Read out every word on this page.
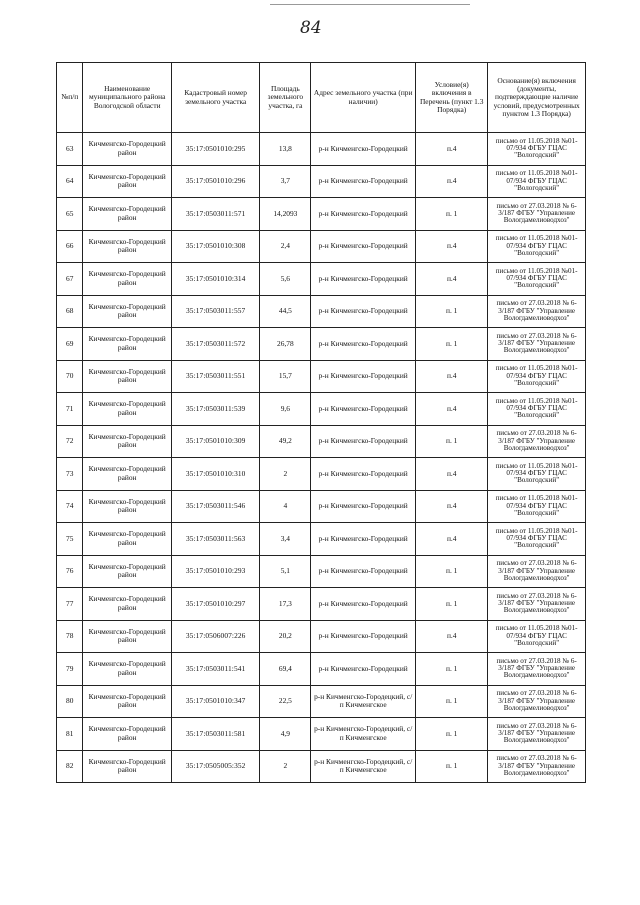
84
№п/п	Наименование муниципального района Вологодской области	Кадастровый номер земельного участка	Площадь земельного участка, га	Адрес земельного участка (при наличии)	Условие(я) включения в Перечень (пункт 1.3 Порядка)	Основание(я) включения (документы, подтверждающие наличие условий, предусмотренных пунктом 1.3 Порядка)
63	Кичменгско-Городецкий район	35:17:0501010:295	13,8	р-н Кичменгско-Городецкий	п.4	письмо от 11.05.2018 №01-07/934 ФГБУ ГЦАС "Вологодский"
64	Кичменгско-Городецкий район	35:17:0501010:296	3,7	р-н Кичменгско-Городецкий	п.4	письмо от 11.05.2018 №01-07/934 ФГБУ ГЦАС "Вологодский"
65	Кичменгско-Городецкий район	35:17:0503011:571	14,2093	р-н Кичменгско-Городецкий	п. 1	письмо от 27.03.2018 № 6-3/187 ФГБУ "Управление Вологдамелиоводхоз"
66	Кичменгско-Городецкий район	35:17:0501010:308	2,4	р-н Кичменгско-Городецкий	п.4	письмо от 11.05.2018 №01-07/934 ФГБУ ГЦАС "Вологодский"
67	Кичменгско-Городецкий район	35:17:0501010:314	5,6	р-н Кичменгско-Городецкий	п.4	письмо от 11.05.2018 №01-07/934 ФГБУ ГЦАС "Вологодский"
68	Кичменгско-Городецкий район	35:17:0503011:557	44,5	р-н Кичменгско-Городецкий	п. 1	письмо от 27.03.2018 № 6-3/187 ФГБУ "Управление Вологдамелиоводхоз"
69	Кичменгско-Городецкий район	35:17:0503011:572	26,78	р-н Кичменгско-Городецкий	п. 1	письмо от 27.03.2018 № 6-3/187 ФГБУ "Управление Вологдамелиоводхоз"
70	Кичменгско-Городецкий район	35:17:0503011:551	15,7	р-н Кичменгско-Городецкий	п.4	письмо от 11.05.2018 №01-07/934 ФГБУ ГЦАС "Вологодский"
71	Кичменгско-Городецкий район	35:17:0503011:539	9,6	р-н Кичменгско-Городецкий	п.4	письмо от 11.05.2018 №01-07/934 ФГБУ ГЦАС "Вологодский"
72	Кичменгско-Городецкий район	35:17:0501010:309	49,2	р-н Кичменгско-Городецкий	п. 1	письмо от 27.03.2018 № 6-3/187 ФГБУ "Управление Вологдамелиоводхоз"
73	Кичменгско-Городецкий район	35:17:0501010:310	2	р-н Кичменгско-Городецкий	п.4	письмо от 11.05.2018 №01-07/934 ФГБУ ГЦАС "Вологодский"
74	Кичменгско-Городецкий район	35:17:0503011:546	4	р-н Кичменгско-Городецкий	п.4	письмо от 11.05.2018 №01-07/934 ФГБУ ГЦАС "Вологодский"
75	Кичменгско-Городецкий район	35:17:0503011:563	3,4	р-н Кичменгско-Городецкий	п.4	письмо от 11.05.2018 №01-07/934 ФГБУ ГЦАС "Вологодский"
76	Кичменгско-Городецкий район	35:17:0501010:293	5,1	р-н Кичменгско-Городецкий	п. 1	письмо от 27.03.2018 № 6-3/187 ФГБУ "Управление Вологдамелиоводхоз"
77	Кичменгско-Городецкий район	35:17:0501010:297	17,3	р-н Кичменгско-Городецкий	п. 1	письмо от 27.03.2018 № 6-3/187 ФГБУ "Управление Вологдамелиоводхоз"
78	Кичменгско-Городецкий район	35:17:0506007:226	20,2	р-н Кичменгско-Городецкий	п.4	письмо от 11.05.2018 №01-07/934 ФГБУ ГЦАС "Вологодский"
79	Кичменгско-Городецкий район	35:17:0503011:541	69,4	р-н Кичменгско-Городецкий	п. 1	письмо от 27.03.2018 № 6-3/187 ФГБУ "Управление Вологдамелиоводхоз"
80	Кичменгско-Городецкий район	35:17:0501010:347	22,5	р-н Кичменгско-Городецкий, с/п Кичменгское	п. 1	письмо от 27.03.2018 № 6-3/187 ФГБУ "Управление Вологдамелиоводхоз"
81	Кичменгско-Городецкий район	35:17:0503011:581	4,9	р-н Кичменгско-Городецкий, с/п Кичменгское	п. 1	письмо от 27.03.2018 № 6-3/187 ФГБУ "Управление Вологдамелиоводхоз"
82	Кичменгско-Городецкий район	35:17:0505005:352	2	р-н Кичменгско-Городецкий, с/п Кичменгское	п. 1	письмо от 27.03.2018 № 6-3/187 ФГБУ "Управление Вологдамелиоводхоз"
